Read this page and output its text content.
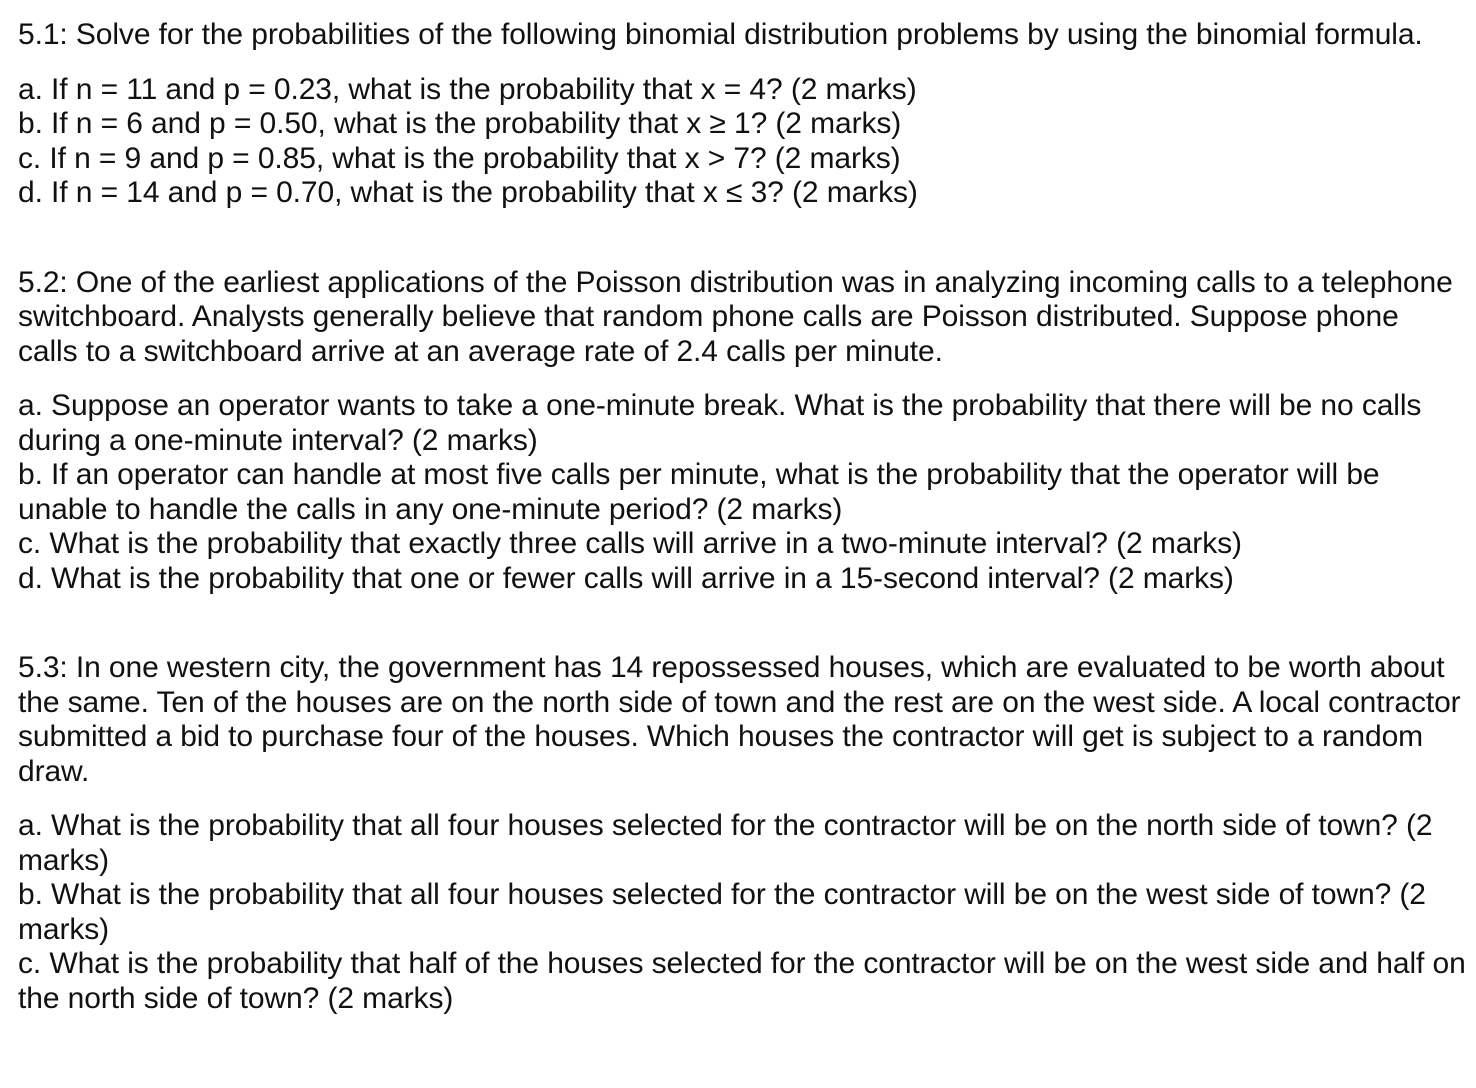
5.1: Solve for the probabilities of the following binomial distribution problems by using the binomial formula.

a. If n = 11 and p = 0.23, what is the probability that x = 4? (2 marks)

b. If n = 6 and p = 0.50, what is the probability that x ≥ 1? (2 marks)

c. If n = 9 and p = 0.85, what is the probability that x > 7? (2 marks)

d. If n = 14 and p = 0.70, what is the probability that x ≤ 3? (2 marks)

5.2: One of the earliest applications of the Poisson distribution was in analyzing incoming calls to a telephone switchboard. Analysts generally believe that random phone calls are Poisson distributed. Suppose phone calls to a switchboard arrive at an average rate of 2.4 calls per minute.

a. Suppose an operator wants to take a one-minute break. What is the probability that there will be no calls during a one-minute interval? (2 marks)

b. If an operator can handle at most five calls per minute, what is the probability that the operator will be unable to handle the calls in any one-minute period? (2 marks)

c. What is the probability that exactly three calls will arrive in a two-minute interval? (2 marks)

d. What is the probability that one or fewer calls will arrive in a 15-second interval? (2 marks)

5.3: In one western city, the government has 14 repossessed houses, which are evaluated to be worth about the same. Ten of the houses are on the north side of town and the rest are on the west side. A local contractor submitted a bid to purchase four of the houses. Which houses the contractor will get is subject to a random draw.

a. What is the probability that all four houses selected for the contractor will be on the north side of town? (2 marks)

b. What is the probability that all four houses selected for the contractor will be on the west side of town? (2 marks)

c. What is the probability that half of the houses selected for the contractor will be on the west side and half on the north side of town? (2 marks)
